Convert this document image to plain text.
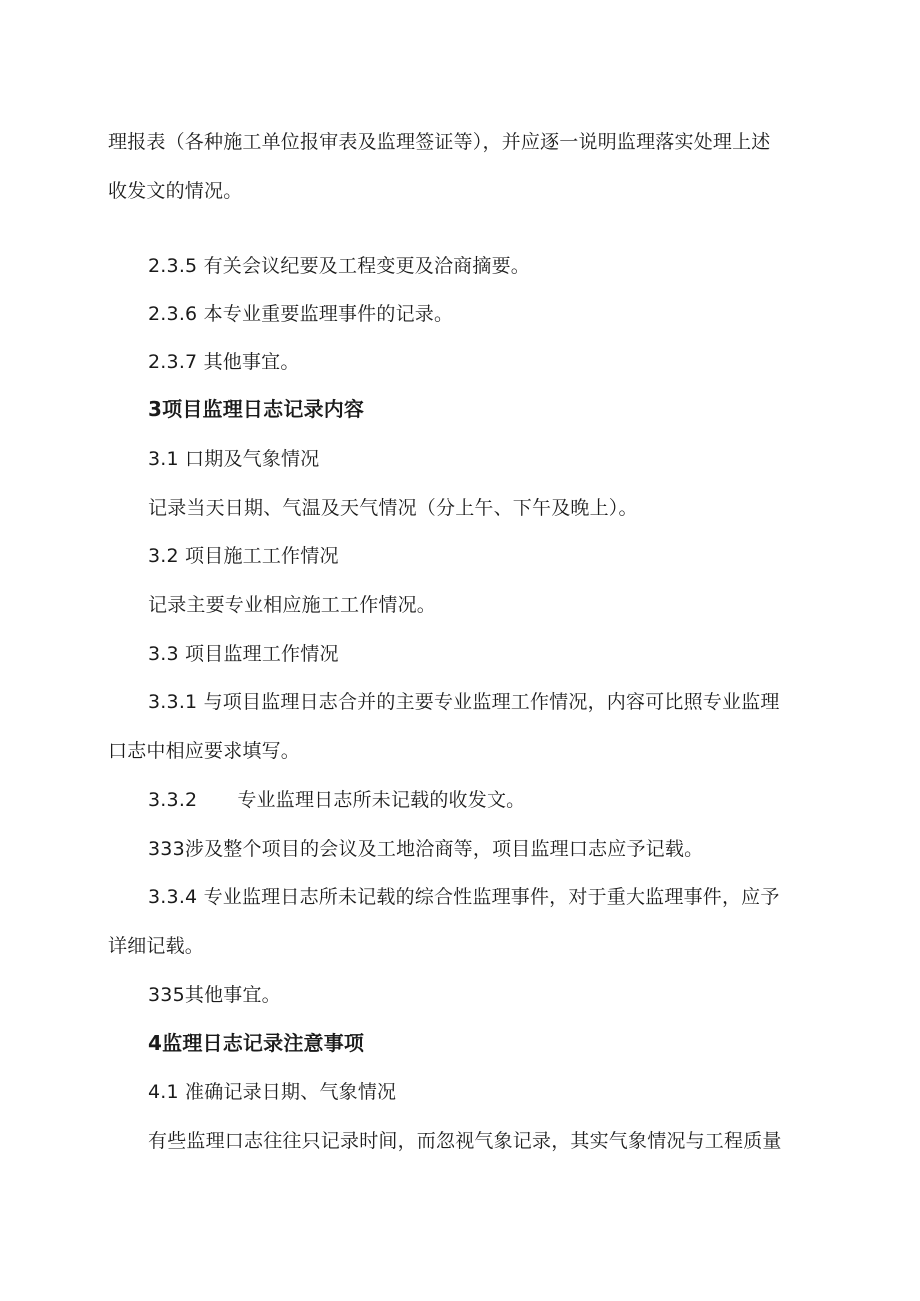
理报表（各种施工单位报审表及监理签证等），并应逐一说明监理落实处理上述
收发文的情况。
2.3.5 有关会议纪要及工程变更及洽商摘要。
2.3.6 本专业重要监理事件的记录。
2.3.7 其他事宜。
3项目监理日志记录内容
3.1 口期及气象情况
记录当天日期、气温及天气情况（分上午、下午及晚上）。
3.2 项目施工工作情况
记录主要专业相应施工工作情况。
3.3 项目监理工作情况
3.3.1 与项目监理日志合并的主要专业监理工作情况，内容可比照专业监理
口志中相应要求填写。
3.3.2 专业监理日志所未记载的收发文。
333涉及整个项目的会议及工地洽商等，项目监理口志应予记载。
3.3.4 专业监理日志所未记载的综合性监理事件，对于重大监理事件，应予
详细记载。
335其他事宜。
4监理日志记录注意事项
4.1 准确记录日期、气象情况
有些监理口志往往只记录时间，而忽视气象记录，其实气象情况与工程质量
